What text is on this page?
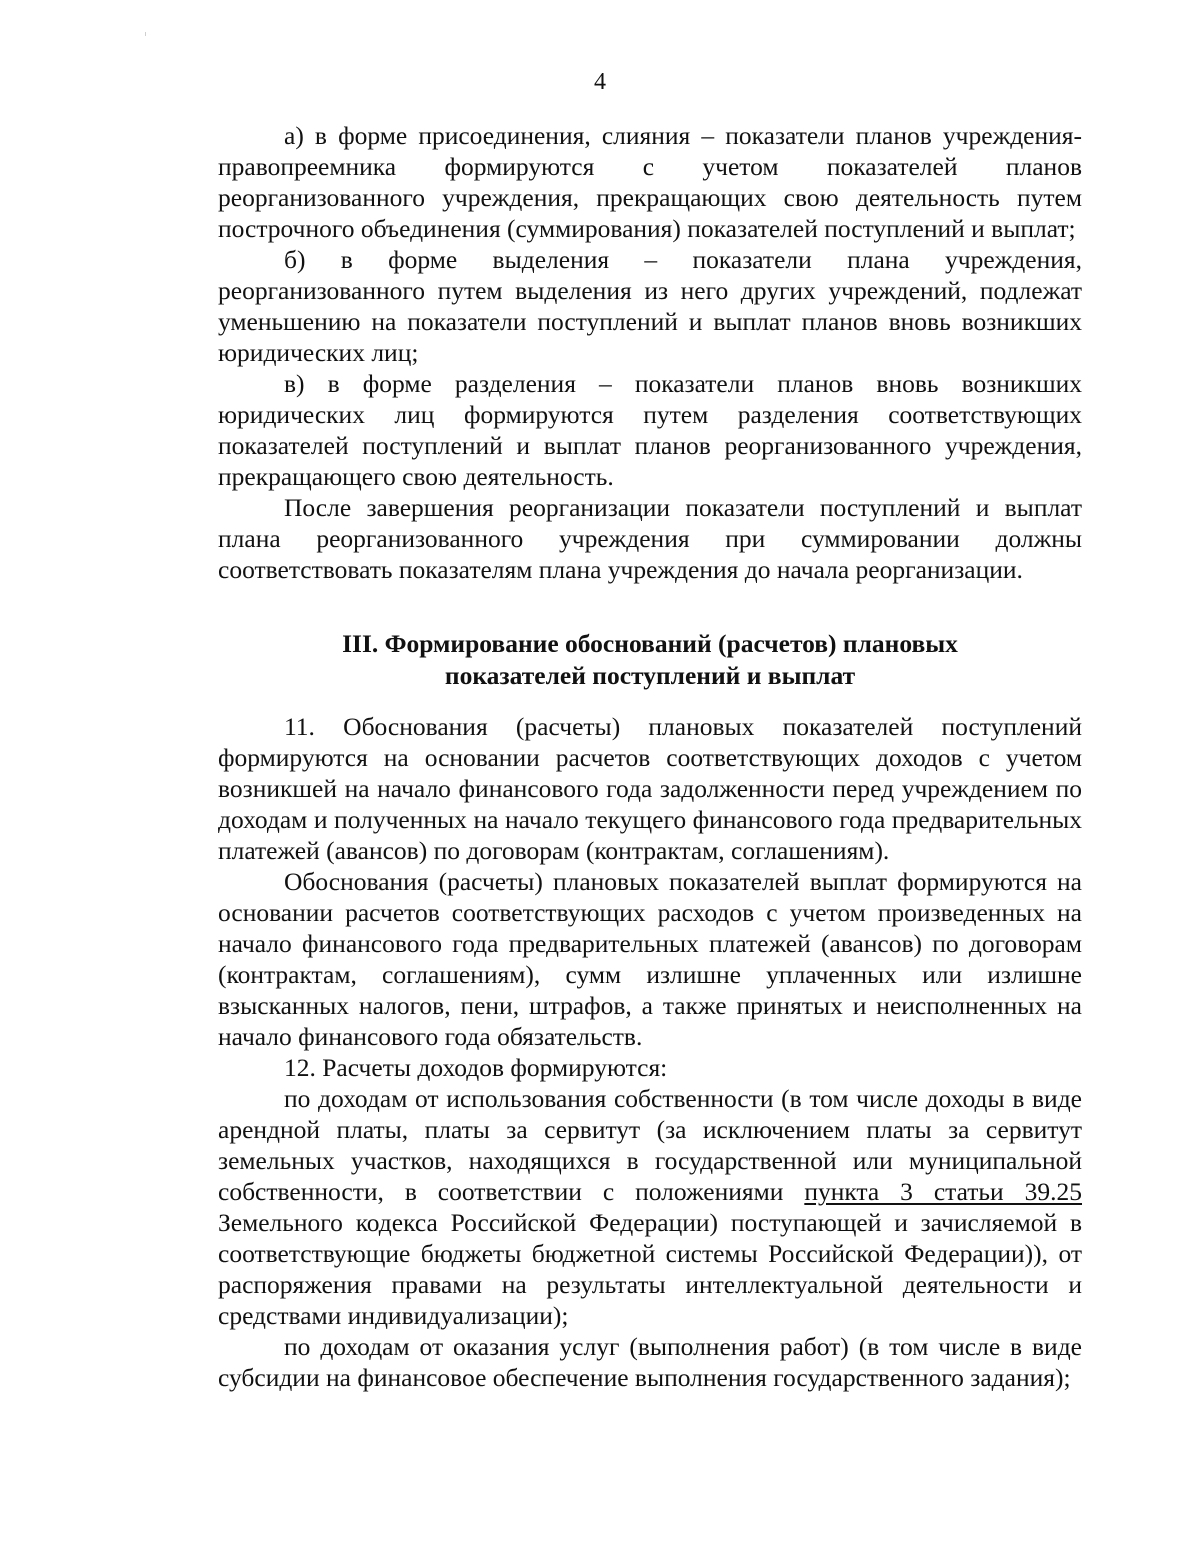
4

а) в форме присоединения, слияния – показатели планов учреждения-правопреемника формируются с учетом показателей планов реорганизованного учреждения, прекращающих свою деятельность путем построчного объединения (суммирования) показателей поступлений и выплат;

б) в форме выделения – показатели плана учреждения, реорганизованного путем выделения из него других учреждений, подлежат уменьшению на показатели поступлений и выплат планов вновь возникших юридических лиц;

в) в форме разделения – показатели планов вновь возникших юридических лиц формируются путем разделения соответствующих показателей поступлений и выплат планов реорганизованного учреждения, прекращающего свою деятельность.

После завершения реорганизации показатели поступлений и выплат плана реорганизованного учреждения при суммировании должны соответствовать показателям плана учреждения до начала реорганизации.

III. Формирование обоснований (расчетов) плановых
показателей поступлений и выплат

11. Обоснования (расчеты) плановых показателей поступлений формируются на основании расчетов соответствующих доходов с учетом возникшей на начало финансового года задолженности перед учреждением по доходам и полученных на начало текущего финансового года предварительных платежей (авансов) по договорам (контрактам, соглашениям).

Обоснования (расчеты) плановых показателей выплат формируются на основании расчетов соответствующих расходов с учетом произведенных на начало финансового года предварительных платежей (авансов) по договорам (контрактам, соглашениям), сумм излишне уплаченных или излишне взысканных налогов, пени, штрафов, а также принятых и неисполненных на начало финансового года обязательств.

12. Расчеты доходов формируются:

по доходам от использования собственности (в том числе доходы в виде арендной платы, платы за сервитут (за исключением платы за сервитут земельных участков, находящихся в государственной или муниципальной собственности, в соответствии с положениями пункта 3 статьи 39.25 Земельного кодекса Российской Федерации) поступающей и зачисляемой в соответствующие бюджеты бюджетной системы Российской Федерации)), от распоряжения правами на результаты интеллектуальной деятельности и средствами индивидуализации);

по доходам от оказания услуг (выполнения работ) (в том числе в виде субсидии на финансовое обеспечение выполнения государственного задания);
